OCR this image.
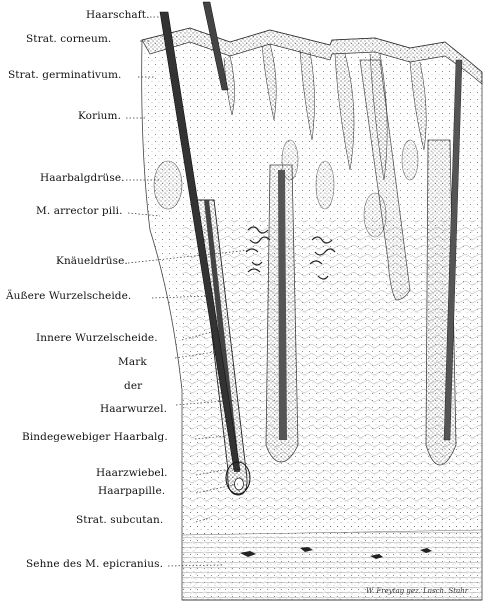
Haarschaft.
Strat. corneum.
Strat. germinativum.
Korium.
Haarbalgdrüse.
M. arrector pili.
Knäueldrüse.
Äußere Wurzelscheide.
Innere Wurzelscheide.
Mark
der
Haarwurzel.
Bindegewebiger Haarbalg.
Haarzwiebel.
Haarpapille.
Strat. subcutan.
Sehne des M. epicranius.
W. Freytag gez. Lasch. Stahr
